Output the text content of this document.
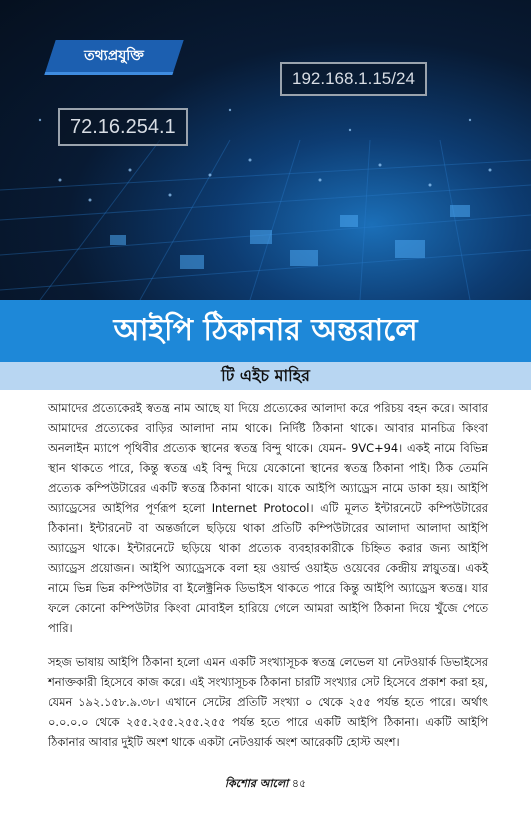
তথ্যপ্রযুক্তি
192.168.1.15/24
72.16.254.1
আইপি ঠিকানার অন্তরালে
টি এইচ মাহির

আমাদের প্রত্যেকেরই স্বতন্ত্র নাম আছে যা দিয়ে প্রত্যেকের আলাদা করে পরিচয় বহন করে। আবার আমাদের প্রত্যেকের বাড়ির আলাদা নাম থাকে। নির্দিষ্ট ঠিকানা থাকে। আবার মানচিত্র কিংবা অনলাইন ম্যাপে পৃথিবীর প্রত্যেক স্থানের স্বতন্ত্র বিন্দু থাকে। যেমন- 9VC+94। একই নামে বিভিন্ন স্থান থাকতে পারে, কিন্তু স্বতন্ত্র এই বিন্দু দিয়ে যেকোনো স্থানের স্বতন্ত্র ঠিকানা পাই। ঠিক তেমনি প্রত্যেক কম্পিউটারের একটি স্বতন্ত্র ঠিকানা থাকে। যাকে আইপি অ্যাড্রেস নামে ডাকা হয়। আইপি অ্যাড্রেসের আইপির পূর্ণরূপ হলো Internet Protocol। এটি মূলত ইন্টারনেটে কম্পিউটারের ঠিকানা। ইন্টারনেট বা অন্তর্জালে ছড়িয়ে থাকা প্রতিটি কম্পিউটারের আলাদা আলাদা আইপি অ্যাড্রেস থাকে। ইন্টারনেটে ছড়িয়ে থাকা প্রত্যেক ব্যবহারকারীকে চিহ্নিত করার জন্য আইপি অ্যাড্রেস প্রয়োজন। আইপি অ্যাড্রেসকে বলা হয় ওয়ার্ল্ড ওয়াইড ওয়েবের কেন্দ্রীয় স্নায়ুতন্ত্র। একই নামে ভিন্ন ভিন্ন কম্পিউটার বা ইলেক্ট্রনিক ডিভাইস থাকতে পারে কিন্তু আইপি অ্যাড্রেস স্বতন্ত্র। যার ফলে কোনো কম্পিউটার কিংবা মোবাইল হারিয়ে গেলে আমরা আইপি ঠিকানা দিয়ে খুঁজে পেতে পারি।

সহজ ভাষায় আইপি ঠিকানা হলো এমন একটি সংখ্যাসূচক স্বতন্ত্র লেভেল যা নেটওয়ার্ক ডিভাইসের শনাক্তকারী হিসেবে কাজ করে। এই সংখ্যাসূচক ঠিকানা চারটি সংখ্যার সেট হিসেবে প্রকাশ করা হয়, যেমন ১৯২.১৫৮.৯.৩৮। এখানে সেটের প্রতিটি সংখ্যা ০ থেকে ২৫৫ পর্যন্ত হতে পারে। অর্থাৎ ০.০.০.০ থেকে ২৫৫.২৫৫.২৫৫.২৫৫ পর্যন্ত হতে পারে একটি আইপি ঠিকানা। একটি আইপি ঠিকানার আবার দুইটি অংশ থাকে একটা নেটওয়ার্ক অংশ আরেকটি হোস্ট অংশ।

কিশোর আলো ৪৫
